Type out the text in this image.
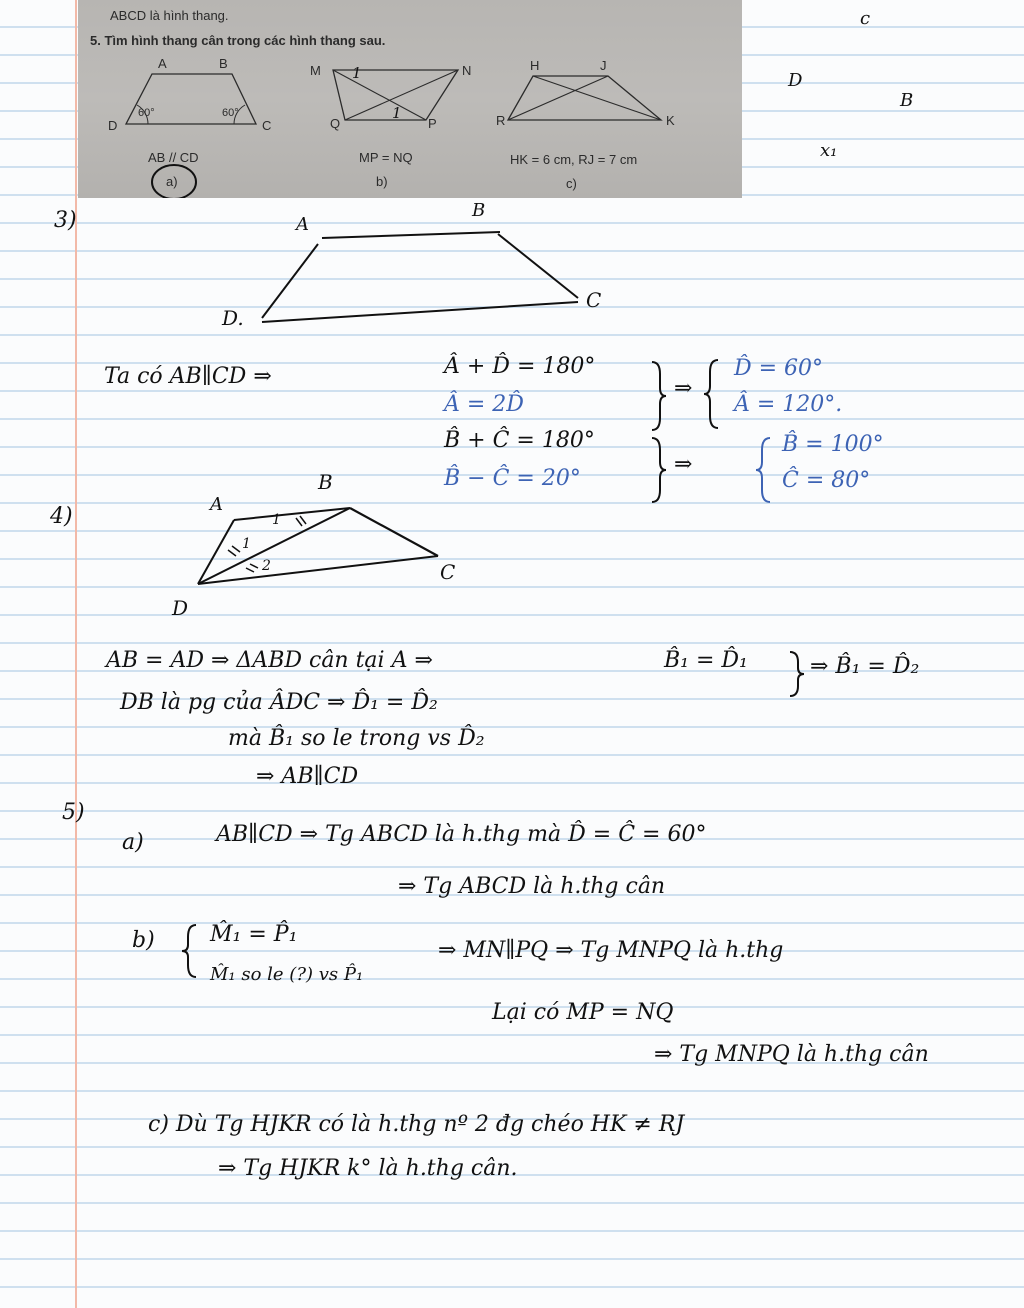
ABCD là hình thang.
5. Tìm hình thang cân trong các hình thang sau.
A	B
C
D
60°	60°
AB // CD
a)
M	N
P
Q
1
1
MP = NQ
b)
H	J
K
R
HK = 6 cm, RJ = 7 cm
c)
c
D
B
x₁
3)	A
B
C
D.
Ta có AB∥CD ⇒	Â + D̂ = 180°
Â = 2D̂
B̂ + Ĉ = 180°
B̂ − Ĉ = 20°
⇒
⇒
D̂ = 60°
Â = 120°.
B̂ = 100°
Ĉ = 80°
4)	A
B
C
D
1
1
2
AB = AD ⇒ ΔABD cân tại A ⇒	B̂₁ = D̂₁	⇒ B̂₁ = D̂₂
DB là pg của ÂDC ⇒ D̂₁ = D̂₂
mà B̂₁ so le trong vs D̂₂
⇒ AB∥CD
5)
a)	AB∥CD ⇒ Tg ABCD là h.thg mà D̂ = Ĉ = 60°
⇒ Tg ABCD là h.thg cân
b)	M̂₁ = P̂₁
M̂₁ so le (?) vs P̂₁
⇒ MN∥PQ ⇒ Tg MNPQ là h.thg
Lại có MP = NQ
⇒ Tg MNPQ là h.thg cân
c) Dù Tg HJKR có là h.thg nº 2 đg chéo HK ≠ RJ
⇒ Tg HJKR k° là h.thg cân.
